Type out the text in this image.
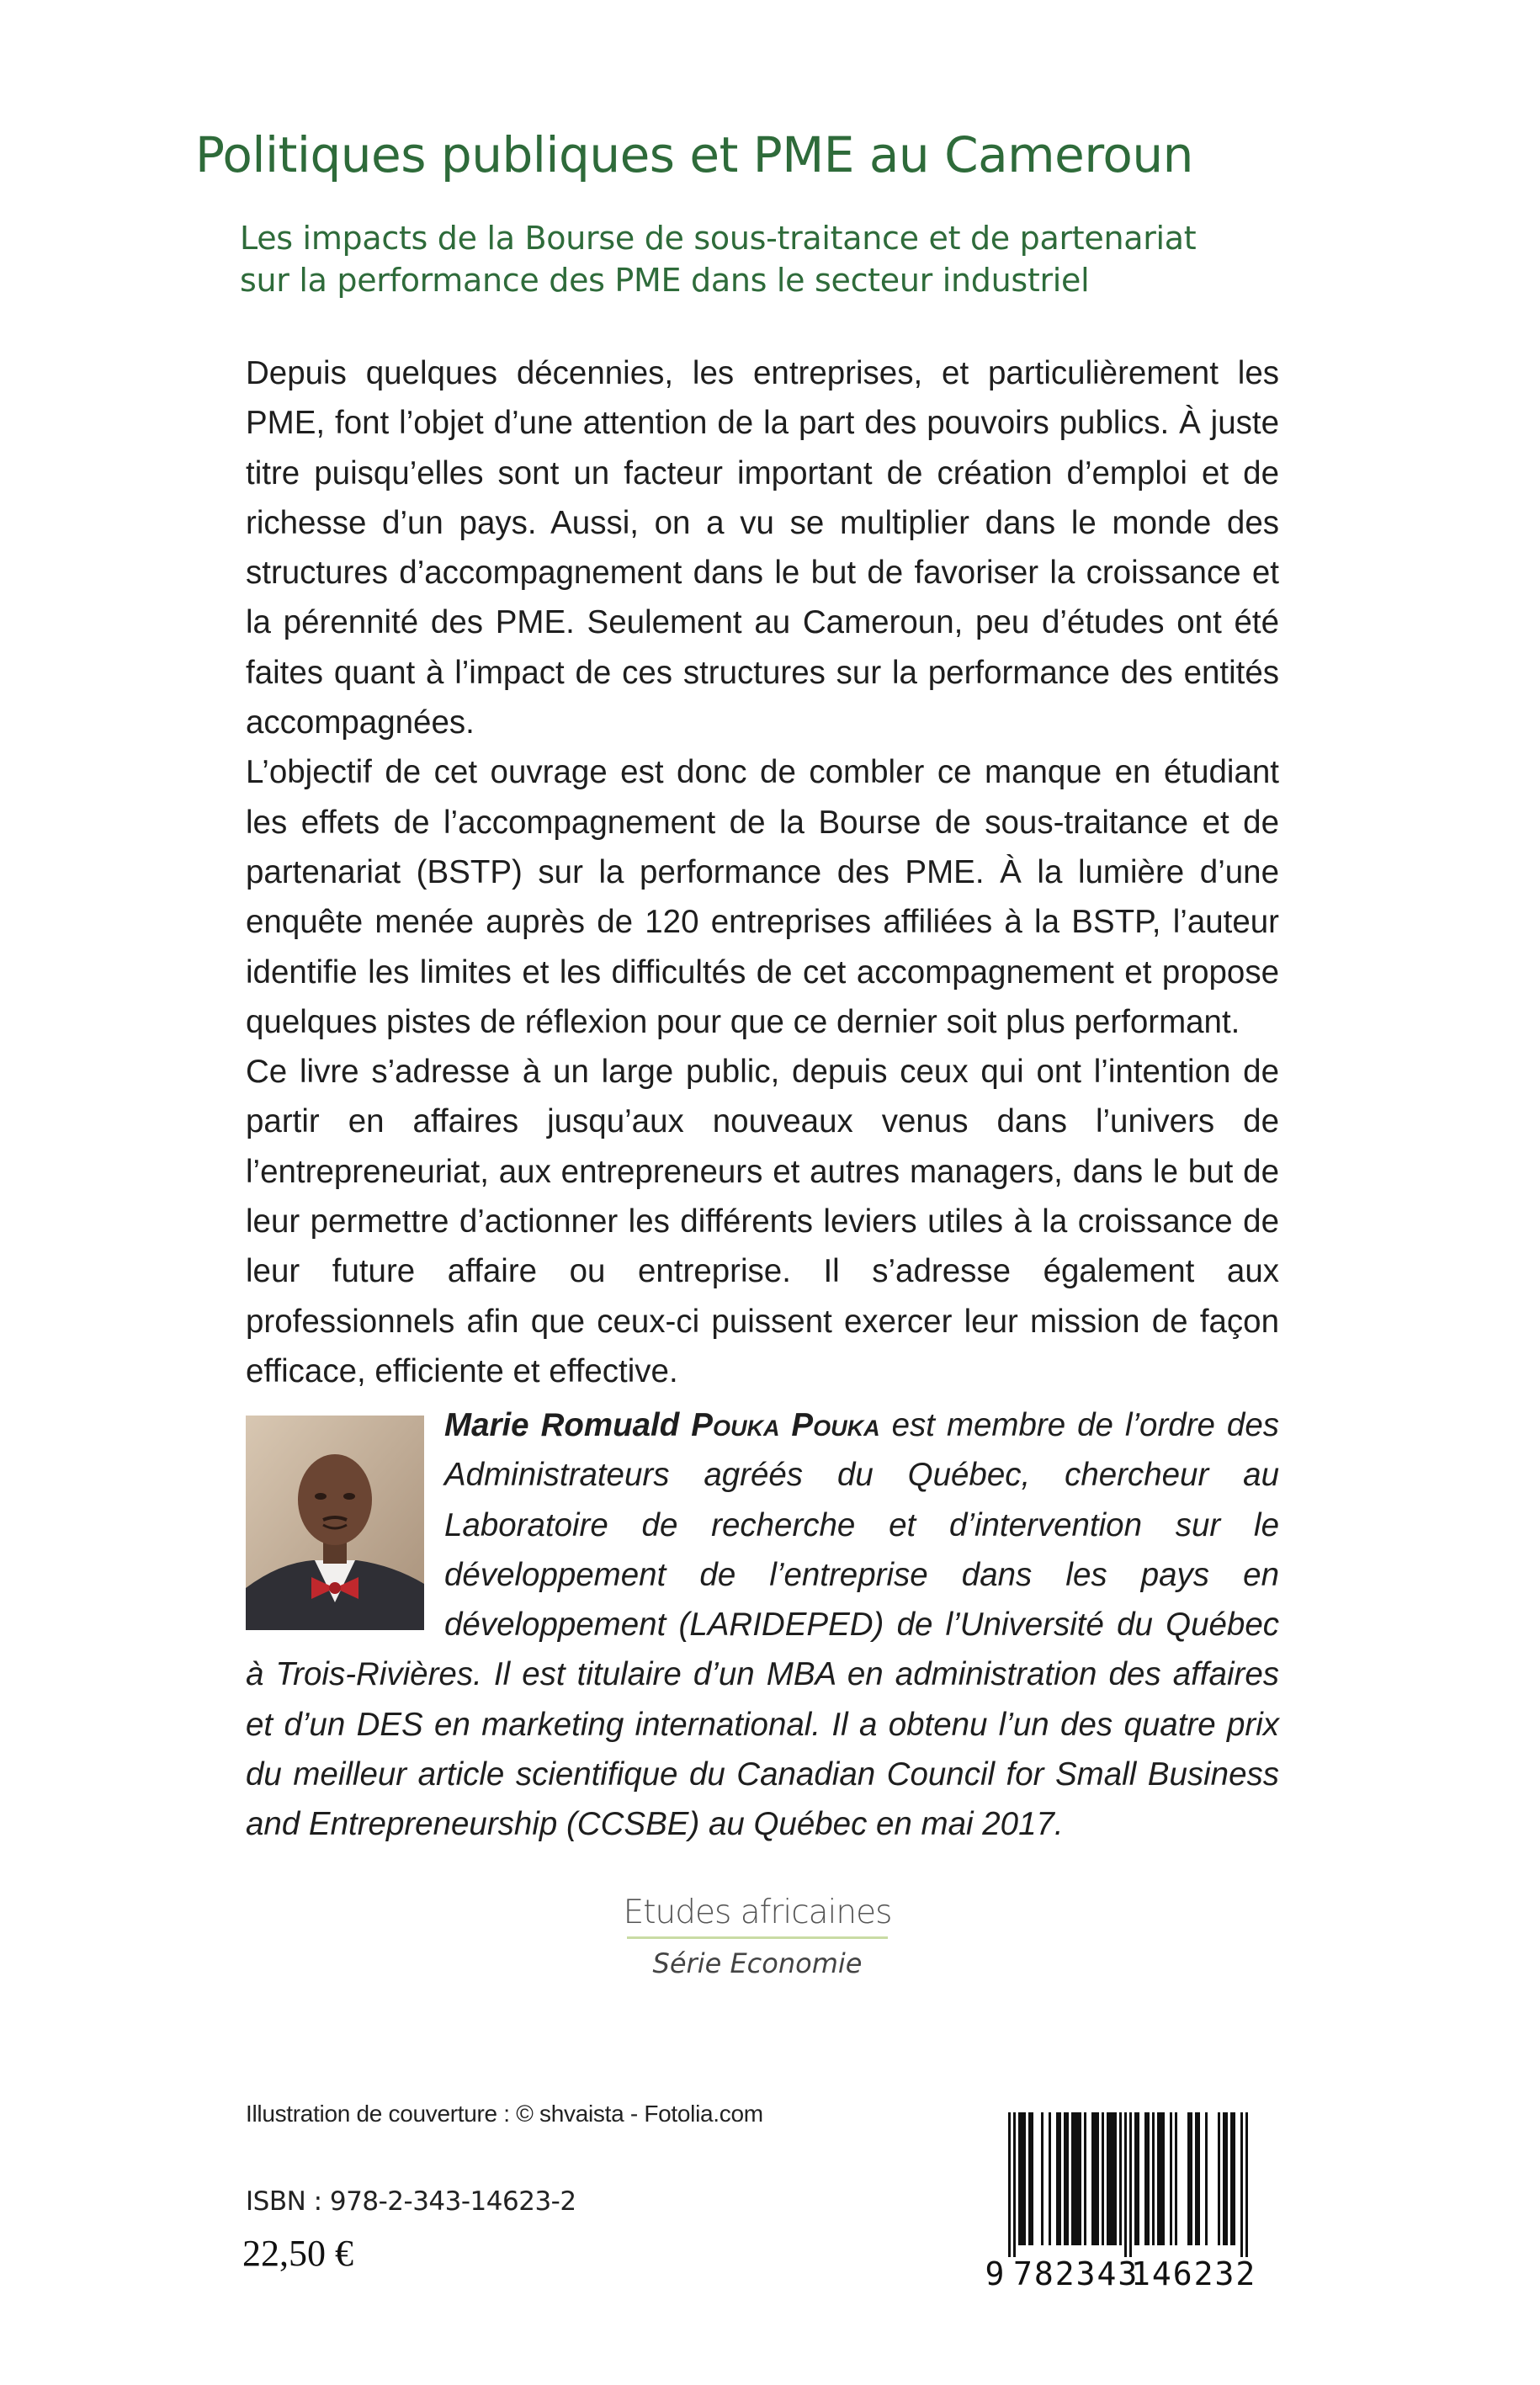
Politiques publiques et PME au Cameroun
Les impacts de la Bourse de sous-traitance et de partenariat
sur la performance des PME dans le secteur industriel

Depuis quelques décennies, les entreprises, et particulièrement les PME, font l’objet d’une attention de la part des pouvoirs publics. À juste titre puisqu’elles sont un facteur important de création d’emploi et de richesse d’un pays. Aussi, on a vu se multiplier dans le monde des structures d’accompagnement dans le but de favoriser la croissance et la pérennité des PME. Seulement au Cameroun, peu d’études ont été faites quant à l’impact de ces structures sur la performance des entités accompagnées.

L’objectif de cet ouvrage est donc de combler ce manque en étudiant les effets de l’accompagnement de la Bourse de sous-traitance et de partenariat (BSTP) sur la performance des PME. À la lumière d’une enquête menée auprès de 120 entreprises affiliées à la BSTP, l’auteur identifie les limites et les difficultés de cet accompagnement et propose quelques pistes de réflexion pour que ce dernier soit plus performant.

Ce livre s’adresse à un large public, depuis ceux qui ont l’intention de partir en affaires jusqu’aux nouveaux venus dans l’univers de l’entrepreneuriat, aux entrepreneurs et autres managers, dans le but de leur permettre d’actionner les différents leviers utiles à la croissance de leur future affaire ou entreprise. Il s’adresse également aux professionnels afin que ceux-ci puissent exercer leur mission de façon efficace, efficiente et effective.

Marie Romuald Pouka Pouka est membre de l’ordre des Administrateurs agréés du Québec, chercheur au Laboratoire de recherche et d’intervention sur le développement de l’entreprise dans les pays en développement (LARIDEPED) de l’Université du Québec à Trois-Rivières. Il est titulaire d’un MBA en administration des affaires et d’un DES en marketing international. Il a obtenu l’un des quatre prix du meilleur article scientifique du Canadian Council for Small Business and Entrepreneurship (CCSBE) au Québec en mai 2017.
Etudes africaines
Série Economie
Illustration de couverture : © shvaista - Fotolia.com
ISBN : 978-2-343-14623-2
22,50 €	9 782343
146232
